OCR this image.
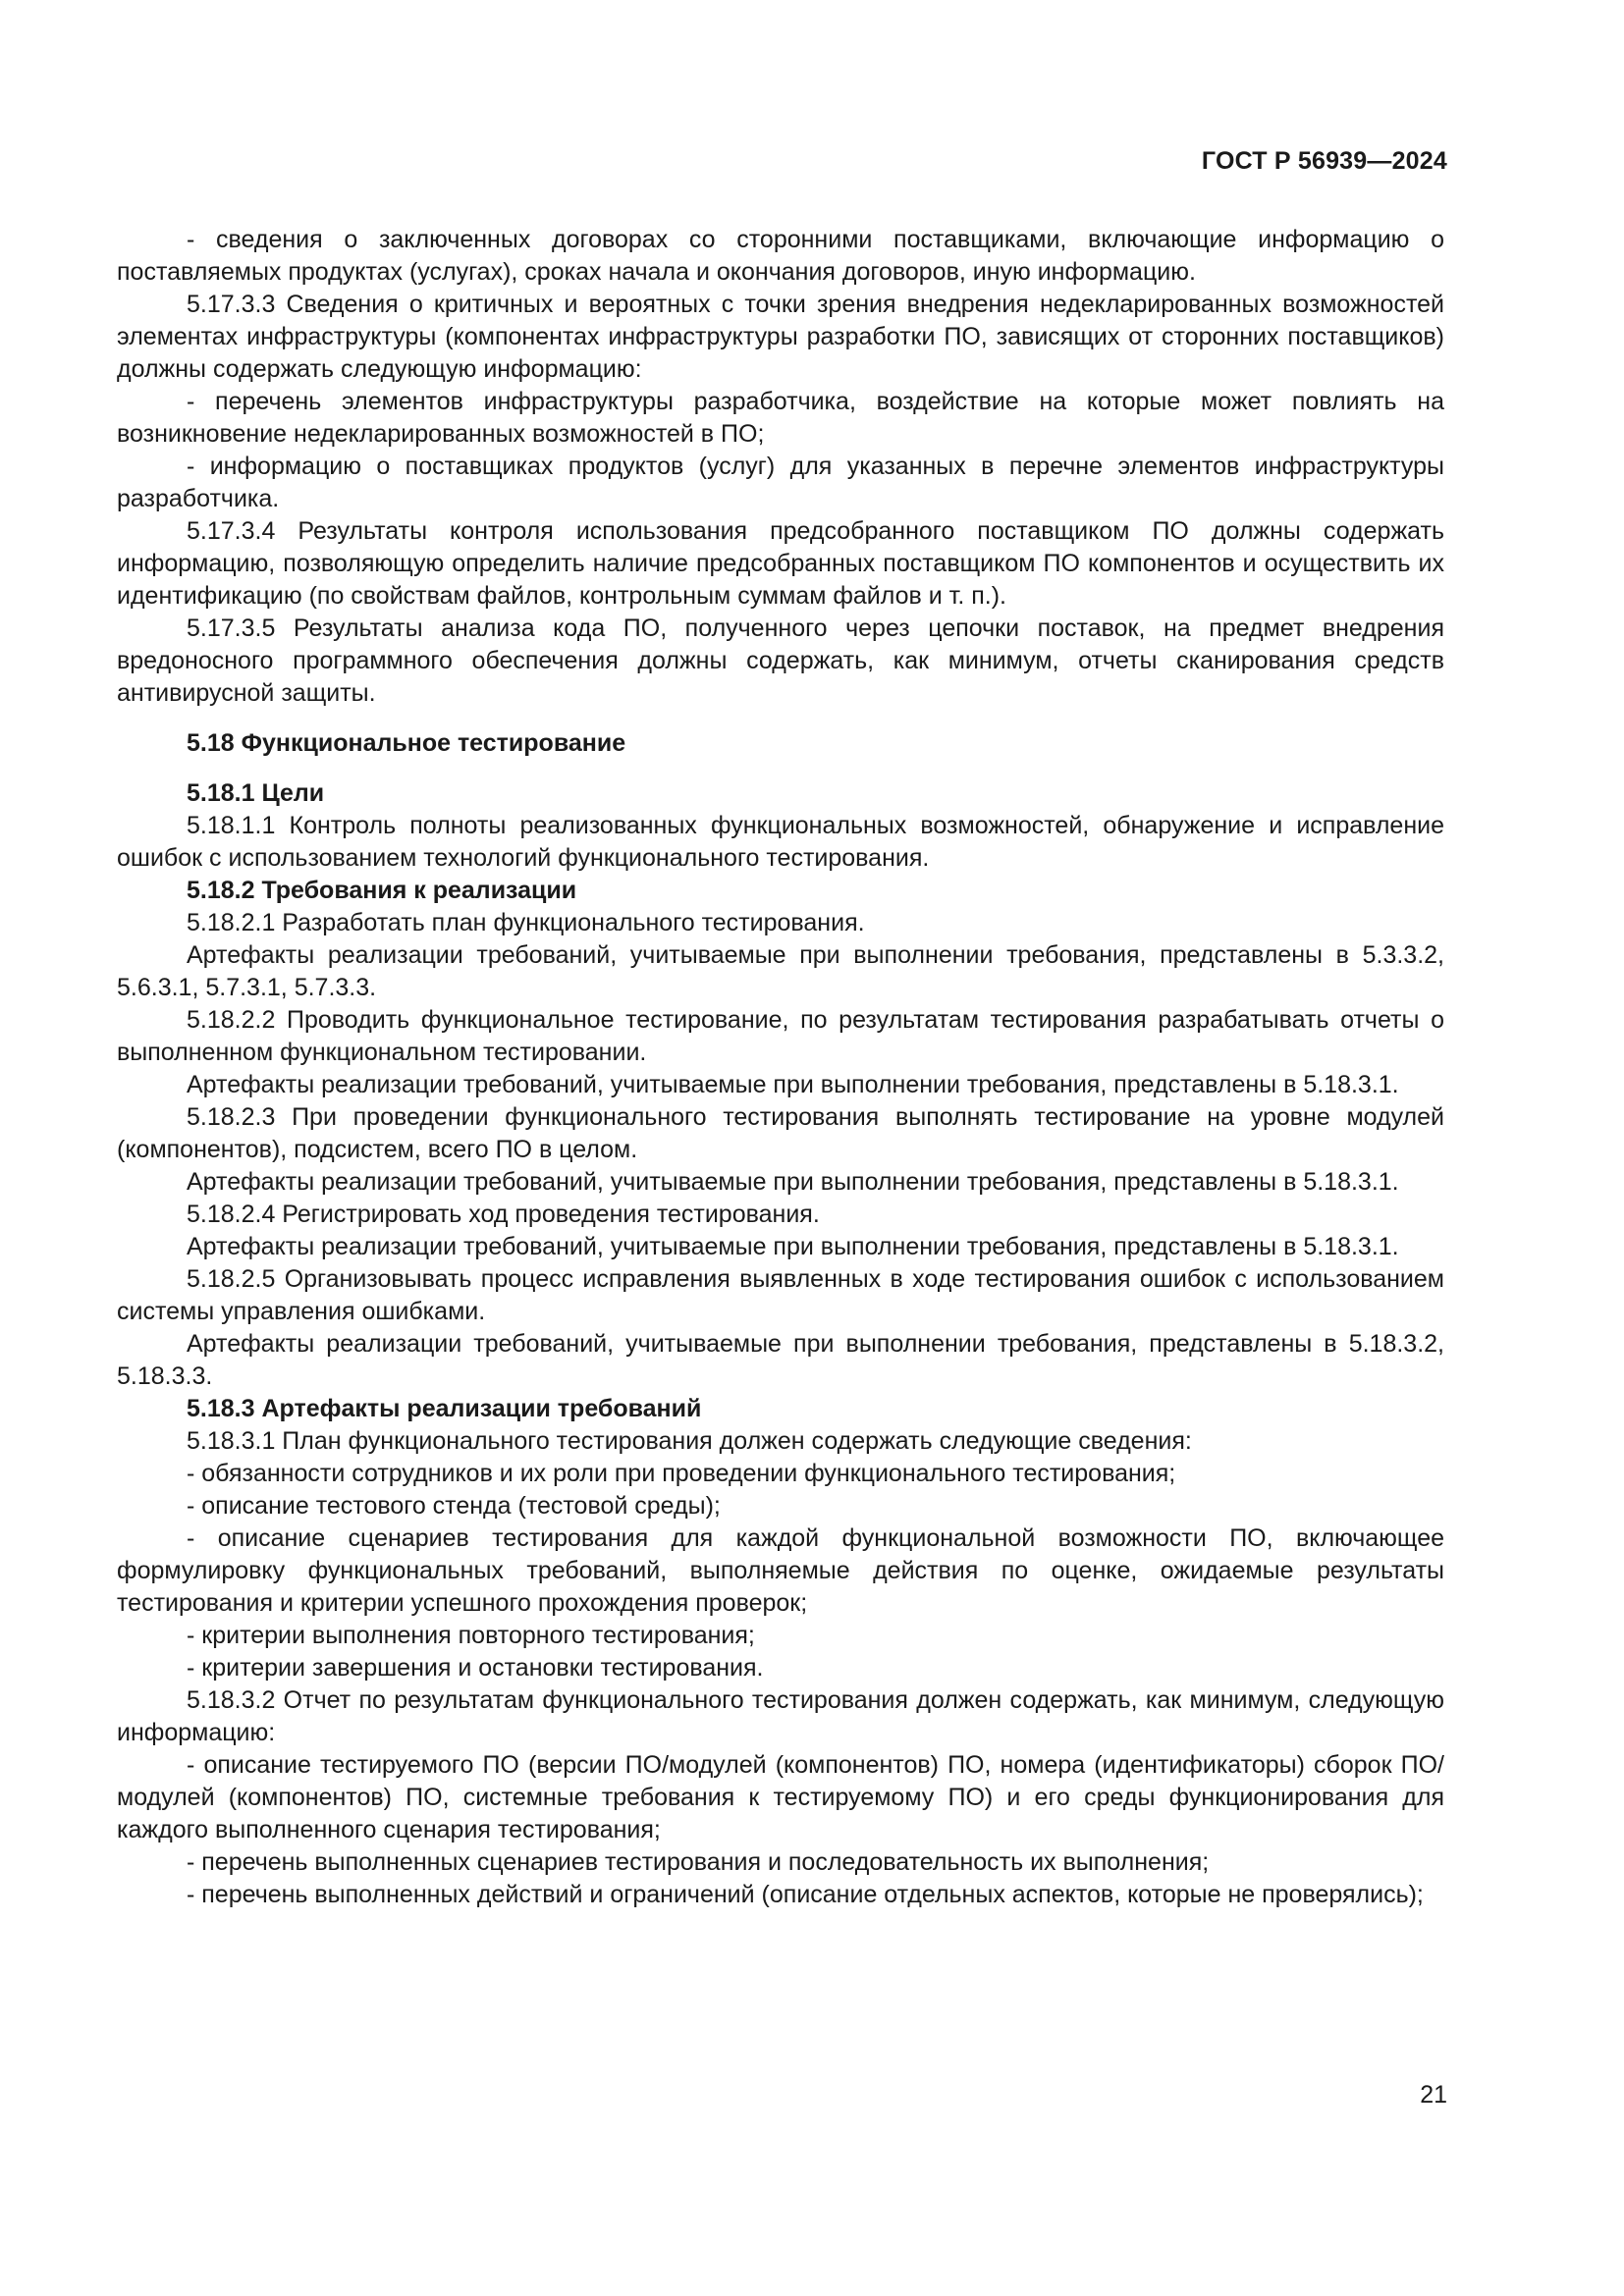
ГОСТ Р 56939—2024

- сведения о заключенных договорах со сторонними поставщиками, включающие информацию о поставляемых продуктах (услугах), сроках начала и окончания договоров, иную информацию.

5.17.3.3 Сведения о критичных и вероятных с точки зрения внедрения недекларированных возможностей элементах инфраструктуры (компонентах инфраструктуры разработки ПО, зависящих от сторонних поставщиков) должны содержать следующую информацию:

- перечень элементов инфраструктуры разработчика, воздействие на которые может повлиять на возникновение недекларированных возможностей в ПО;

- информацию о поставщиках продуктов (услуг) для указанных в перечне элементов инфраструктуры разработчика.

5.17.3.4 Результаты контроля использования предсобранного поставщиком ПО должны содержать информацию, позволяющую определить наличие предсобранных поставщиком ПО компонентов и осуществить их идентификацию (по свойствам файлов, контрольным суммам файлов и т. п.).

5.17.3.5 Результаты анализа кода ПО, полученного через цепочки поставок, на предмет внедрения вредоносного программного обеспечения должны содержать, как минимум, отчеты сканирования средств антивирусной защиты.

5.18 Функциональное тестирование

5.18.1 Цели

5.18.1.1 Контроль полноты реализованных функциональных возможностей, обнаружение и исправление ошибок с использованием технологий функционального тестирования.

5.18.2 Требования к реализации

5.18.2.1 Разработать план функционального тестирования.

Артефакты реализации требований, учитываемые при выполнении требования, представлены в 5.3.3.2, 5.6.3.1, 5.7.3.1, 5.7.3.3.

5.18.2.2 Проводить функциональное тестирование, по результатам тестирования разрабатывать отчеты о выполненном функциональном тестировании.

Артефакты реализации требований, учитываемые при выполнении требования, представлены в 5.18.3.1.

5.18.2.3 При проведении функционального тестирования выполнять тестирование на уровне модулей (компонентов), подсистем, всего ПО в целом.

Артефакты реализации требований, учитываемые при выполнении требования, представлены в 5.18.3.1.

5.18.2.4 Регистрировать ход проведения тестирования.

Артефакты реализации требований, учитываемые при выполнении требования, представлены в 5.18.3.1.

5.18.2.5 Организовывать процесс исправления выявленных в ходе тестирования ошибок с использованием системы управления ошибками.

Артефакты реализации требований, учитываемые при выполнении требования, представлены в 5.18.3.2, 5.18.3.3.

5.18.3 Артефакты реализации требований

5.18.3.1 План функционального тестирования должен содержать следующие сведения:

- обязанности сотрудников и их роли при проведении функционального тестирования;

- описание тестового стенда (тестовой среды);

- описание сценариев тестирования для каждой функциональной возможности ПО, включающее формулировку функциональных требований, выполняемые действия по оценке, ожидаемые результаты тестирования и критерии успешного прохождения проверок;

- критерии выполнения повторного тестирования;

- критерии завершения и остановки тестирования.

5.18.3.2 Отчет по результатам функционального тестирования должен содержать, как минимум, следующую информацию:

- описание тестируемого ПО (версии ПО/модулей (компонентов) ПО, номера (идентификаторы) сборок ПО/модулей (компонентов) ПО, системные требования к тестируемому ПО) и его среды функционирования для каждого выполненного сценария тестирования;

- перечень выполненных сценариев тестирования и последовательность их выполнения;

- перечень выполненных действий и ограничений (описание отдельных аспектов, которые не проверялись);

21
